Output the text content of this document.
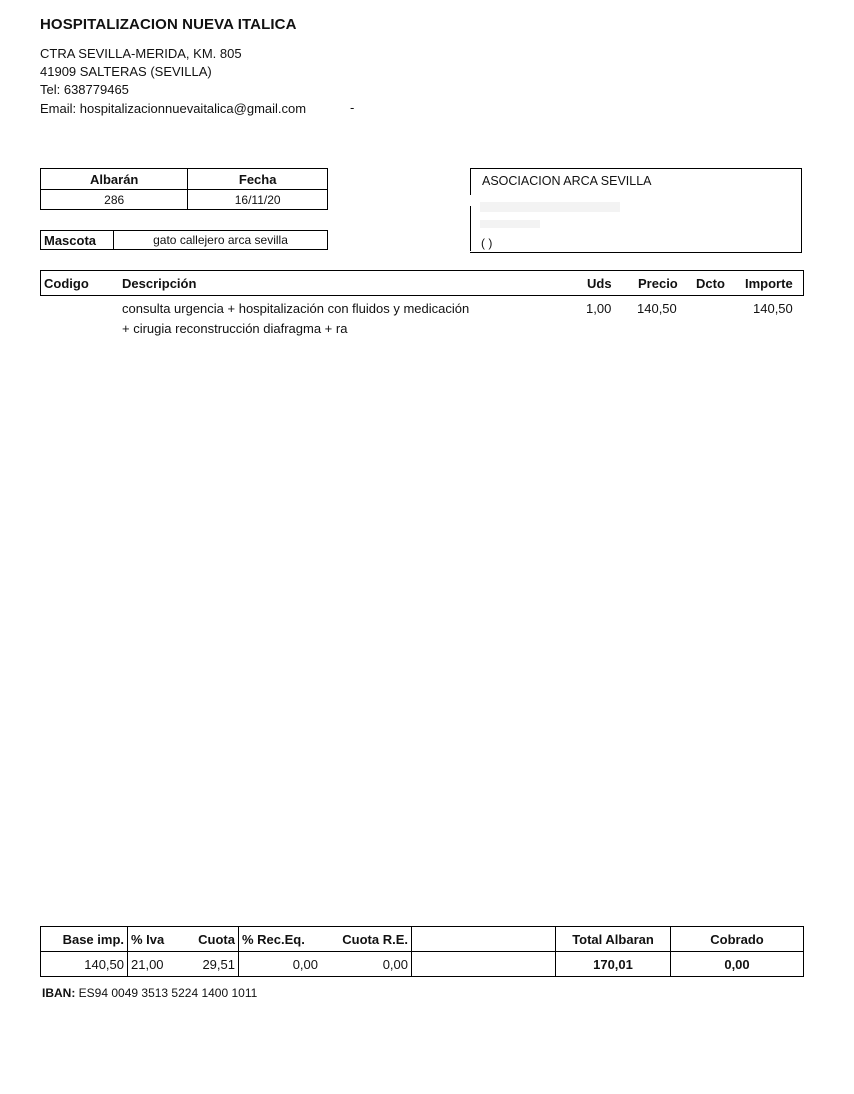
HOSPITALIZACION NUEVA ITALICA
CTRA SEVILLA-MERIDA, KM. 805
41909 SALTERAS (SEVILLA)
Tel: 638779465
Email: hospitalizacionnuevaitalica@gmail.com	-
Albarán	Fecha
286	16/11/20
Mascota	gato callejero arca sevilla
ASOCIACION ARCA SEVILLA
( )
Codigo	Descripción	Uds Precio Dcto Importe
consulta urgencia + hospitalización con fluidos y medicación
+ cirugia reconstrucción diafragma + ra
1,00 140,50	140,50
Base imp.	% Iva	Cuota	% Rec.Eq.	Cuota R.E.		Total Albaran	Cobrado
140,50	21,00	29,51	0,00	0,00		170,01	0,00
IBAN: ES94 0049 3513 5224 1400 1011
